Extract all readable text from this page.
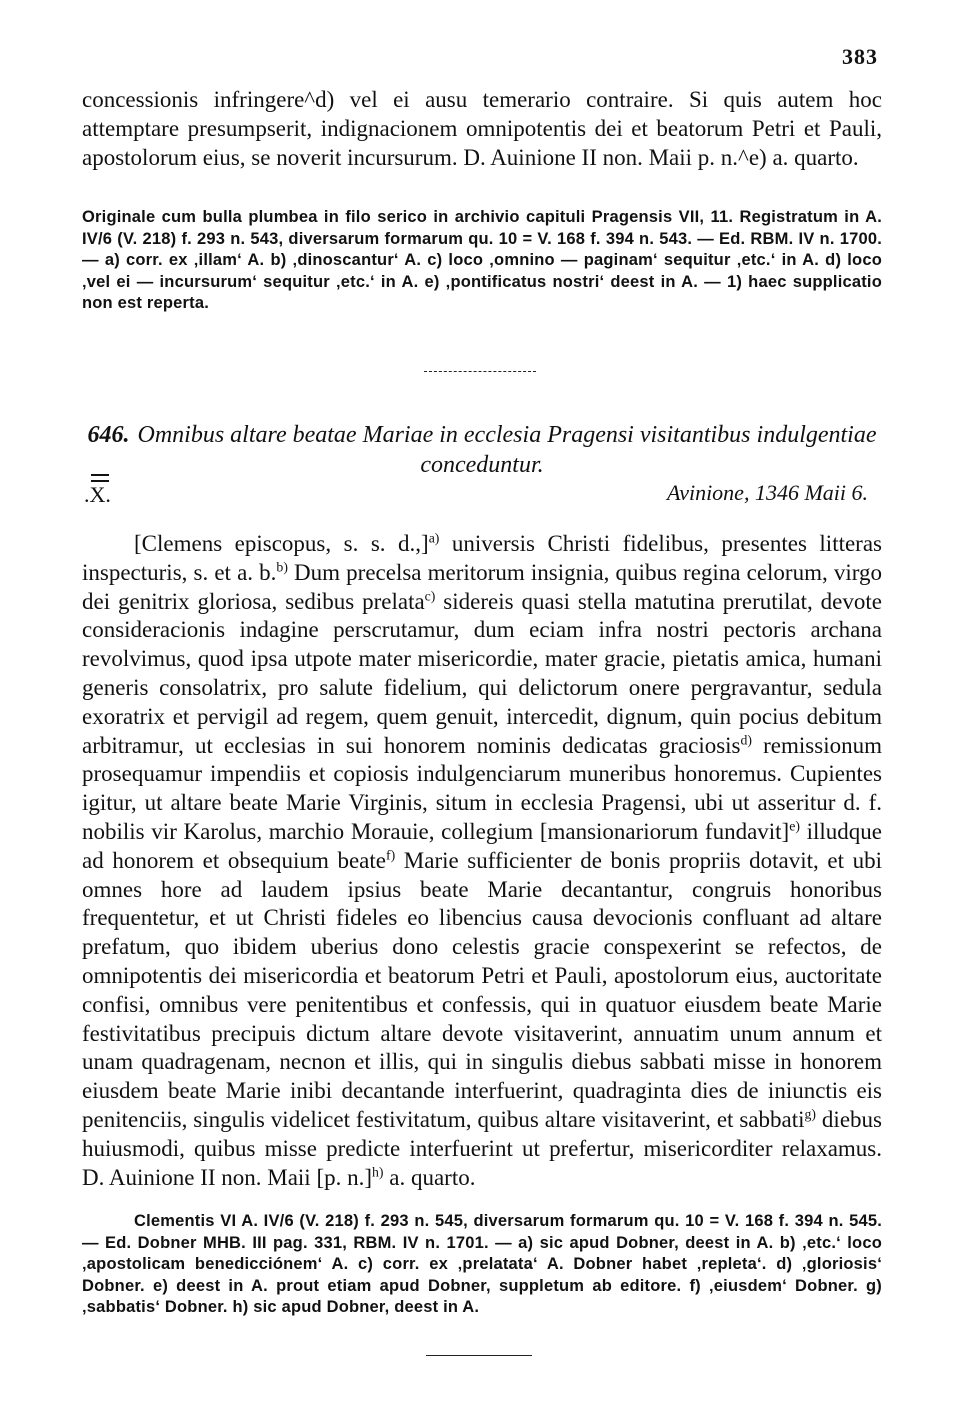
383

concessionis infringere^d) vel ei ausu temerario contraire. Si quis autem hoc attemptare presumpserit, indignacionem omnipotentis dei et beatorum Petri et Pauli, apostolorum eius, se noverit incursurum. D. Auinione II non. Maii p. n.^e) a. quarto.

Originale cum bulla plumbea in filo serico in archivio capituli Pragensis VII, 11. Registratum in A. IV/6 (V. 218) f. 293 n. 543, diversarum formarum qu. 10 = V. 168 f. 394 n. 543. — Ed. RBM. IV n. 1700. — a) corr. ex ‚illam‘ A. b) ‚dinoscantur‘ A. c) loco ‚omnino — paginam‘ sequitur ‚etc.‘ in A. d) loco ‚vel ei — incursurum‘ sequitur ‚etc.‘ in A. e) ‚pontificatus nostri‘ deest in A. — 1) haec supplicatio non est reperta.

646. Omnibus altare beatae Mariae in ecclesia Pragensi visitantibus indulgentiae conceduntur.
.X.	Avinione, 1346 Maii 6.

[Clemens episcopus, s. s. d.,]$^{a)}$ universis Christi fidelibus, presentes litteras inspecturis, s. et a. b.$^{b)}$ Dum precelsa meritorum insignia, quibus regina celorum, virgo dei genitrix gloriosa, sedibus prelata$^{c)}$ sidereis quasi stella matutina prerutilat, devote consideracionis indagine perscrutamur, dum eciam infra nostri pectoris archana revolvimus, quod ipsa utpote mater misericordie, mater gracie, pietatis amica, humani generis consolatrix, pro salute fidelium, qui delictorum onere pergravantur, sedula exoratrix et pervigil ad regem, quem genuit, intercedit, dignum, quin pocius debitum arbitramur, ut ecclesias in sui honorem nominis dedicatas graciosis$^{d)}$ remissionum prosequamur impendiis et copiosis indulgenciarum muneribus honoremus. Cupientes igitur, ut altare beate Marie Virginis, situm in ecclesia Pragensi, ubi ut asseritur d. f. nobilis vir Karolus, marchio Morauie, collegium [mansionariorum fundavit]$^{e)}$ illudque ad honorem et obsequium beate$^{f)}$ Marie sufficienter de bonis propriis dotavit, et ubi omnes hore ad laudem ipsius beate Marie decantantur, congruis honoribus frequentetur, et ut Christi fideles eo libencius causa devocionis confluant ad altare prefatum, quo ibidem uberius dono celestis gracie conspexerint se refectos, de omnipotentis dei misericordia et beatorum Petri et Pauli, apostolorum eius, auctoritate confisi, omnibus vere penitentibus et confessis, qui in quatuor eiusdem beate Marie festivitatibus precipuis dictum altare devote visitaverint, annuatim unum annum et unam quadragenam, necnon et illis, qui in singulis diebus sabbati misse in honorem eiusdem beate Marie inibi decantande interfuerint, quadraginta dies de iniunctis eis penitenciis, singulis videlicet festivitatum, quibus altare visitaverint, et sabbati$^{g)}$ diebus huiusmodi, quibus misse predicte interfuerint ut prefertur, misericorditer relaxamus. D. Auinione II non. Maii [p. n.]$^{h)}$ a. quarto.

Clementis VI A. IV/6 (V. 218) f. 293 n. 545, diversarum formarum qu. 10 = V. 168 f. 394 n. 545. — Ed. Dobner MHB. III pag. 331, RBM. IV n. 1701. — a) sic apud Dobner, deest in A. b) ‚etc.‘ loco ‚apostolicam benedicciónem‘ A. c) corr. ex ‚prelatata‘ A. Dobner habet ‚repleta‘. d) ‚gloriosis‘ Dobner. e) deest in A. prout etiam apud Dobner, suppletum ab editore. f) ‚eiusdem‘ Dobner. g) ‚sabbatis‘ Dobner. h) sic apud Dobner, deest in A.
